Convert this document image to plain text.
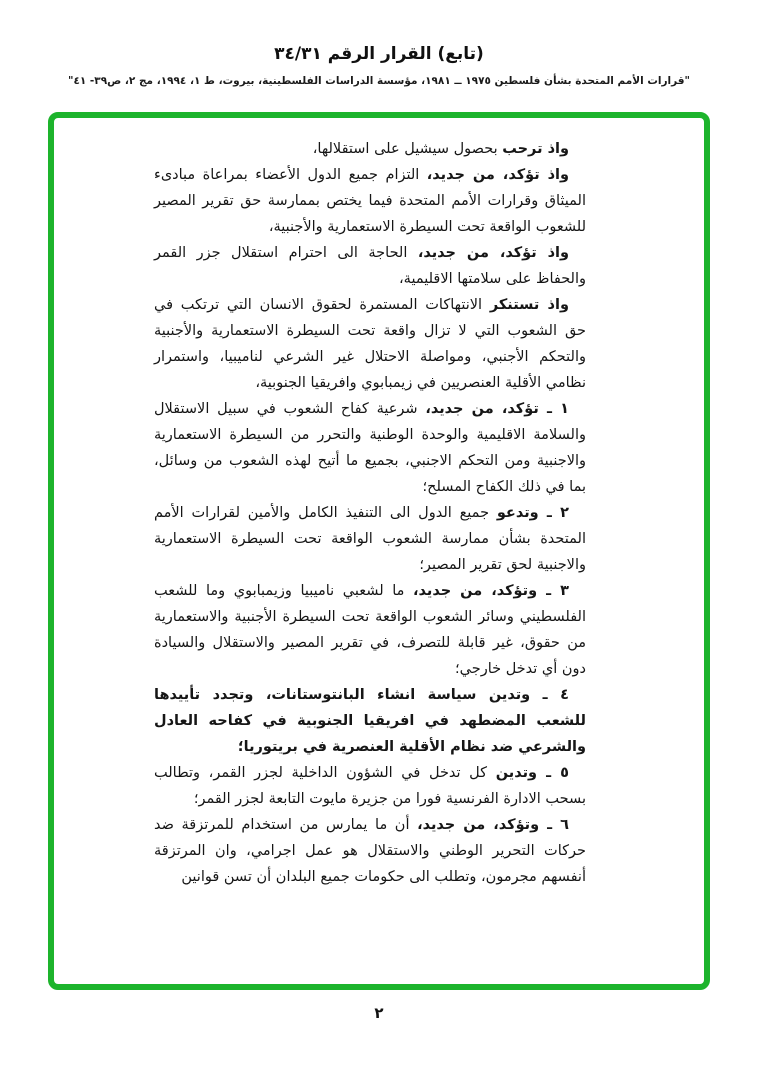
(تابع) القرار الرقم ٣٤/٣١
"قرارات الأمم المتحدة بشأن فلسطين ١٩٧٥ ــ ١٩٨١، مؤسسة الدراسات الفلسطينية، بيروت، ط ١، ١٩٩٤، مج ٢، ص٣٩- ٤١"

واذ ترحب بحصول سيشيل على استقلالها،

واذ تؤكد، من جديد، التزام جميع الدول الأعضاء بمراعاة مبادىء الميثاق وقرارات الأمم المتحدة فيما يختص بممارسة حق تقرير المصير للشعوب الواقعة تحت السيطرة الاستعمارية والأجنبية،

واذ تؤكد، من جديد، الحاجة الى احترام استقلال جزر القمر والحفاظ على سلامتها الاقليمية،

واذ تستنكر الانتهاكات المستمرة لحقوق الانسان التي ترتكب في حق الشعوب التي لا تزال واقعة تحت السيطرة الاستعمارية والأجنبية والتحكم الأجنبي، ومواصلة الاحتلال غير الشرعي لناميبيا، واستمرار نظامي الأقلية العنصريين في زيمبابوي وافريقيا الجنوبية،

١ ـ تؤكد، من جديد، شرعية كفاح الشعوب في سبيل الاستقلال والسلامة الاقليمية والوحدة الوطنية والتحرر من السيطرة الاستعمارية والاجنبية ومن التحكم الاجنبي، بجميع ما أتيح لهذه الشعوب من وسائل، بما في ذلك الكفاح المسلح؛

٢ ـ وتدعو جميع الدول الى التنفيذ الكامل والأمين لقرارات الأمم المتحدة بشأن ممارسة الشعوب الواقعة تحت السيطرة الاستعمارية والاجنبية لحق تقرير المصير؛

٣ ـ وتؤكد، من جديد، ما لشعبي ناميبيا وزيمبابوي وما للشعب الفلسطيني وسائر الشعوب الواقعة تحت السيطرة الأجنبية والاستعمارية من حقوق، غير قابلة للتصرف، في تقرير المصير والاستقلال والسيادة دون أي تدخل خارجي؛

٤ ـ وتدين سياسة انشاء البانتوستانات، وتجدد تأييدها للشعب المضطهد في افريقيا الجنوبية في كفاحه العادل والشرعي ضد نظام الأقلية العنصرية في بريتوريا؛

٥ ـ وتدين كل تدخل في الشؤون الداخلية لجزر القمر، وتطالب بسحب الادارة الفرنسية فورا من جزيرة مايوت التابعة لجزر القمر؛

٦ ـ وتؤكد، من جديد، أن ما يمارس من استخدام للمرتزقة ضد حركات التحرير الوطني والاستقلال هو عمل اجرامي، وان المرتزقة أنفسهم مجرمون، وتطلب الى حكومات جميع البلدان أن تسن قوانين

٢
